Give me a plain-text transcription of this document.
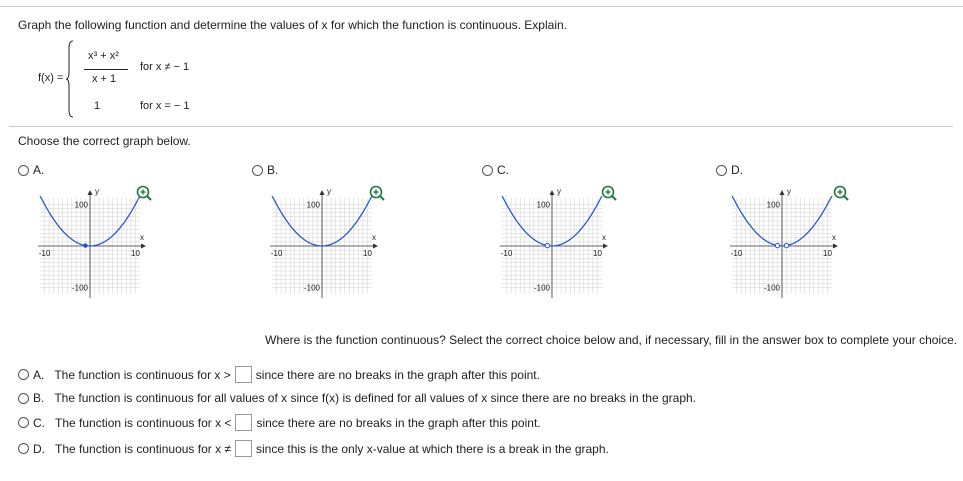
Graph the following function and determine the values of x for which the function is continuous. Explain.
f(x) =
x³ + x²
x + 1
for x ≠ − 1
1	for x = − 1
Choose the correct graph below.
A.	B.	C.	D.
y
x
100
-100
-10	10
y
x
100
-100
-10	10
y
x
100
-100
-10	10
y
x
100
-100
-10	10
Where is the function continuous? Select the correct choice below and, if necessary, fill in the answer box to complete your choice.
A. The function is continuous for x > since there are no breaks in the graph after this point.
B. The function is continuous for all values of x since f(x) is defined for all values of x since there are no breaks in the graph.
C. The function is continuous for x < since there are no breaks in the graph after this point.
D. The function is continuous for x ≠ since this is the only x-value at which there is a break in the graph.
